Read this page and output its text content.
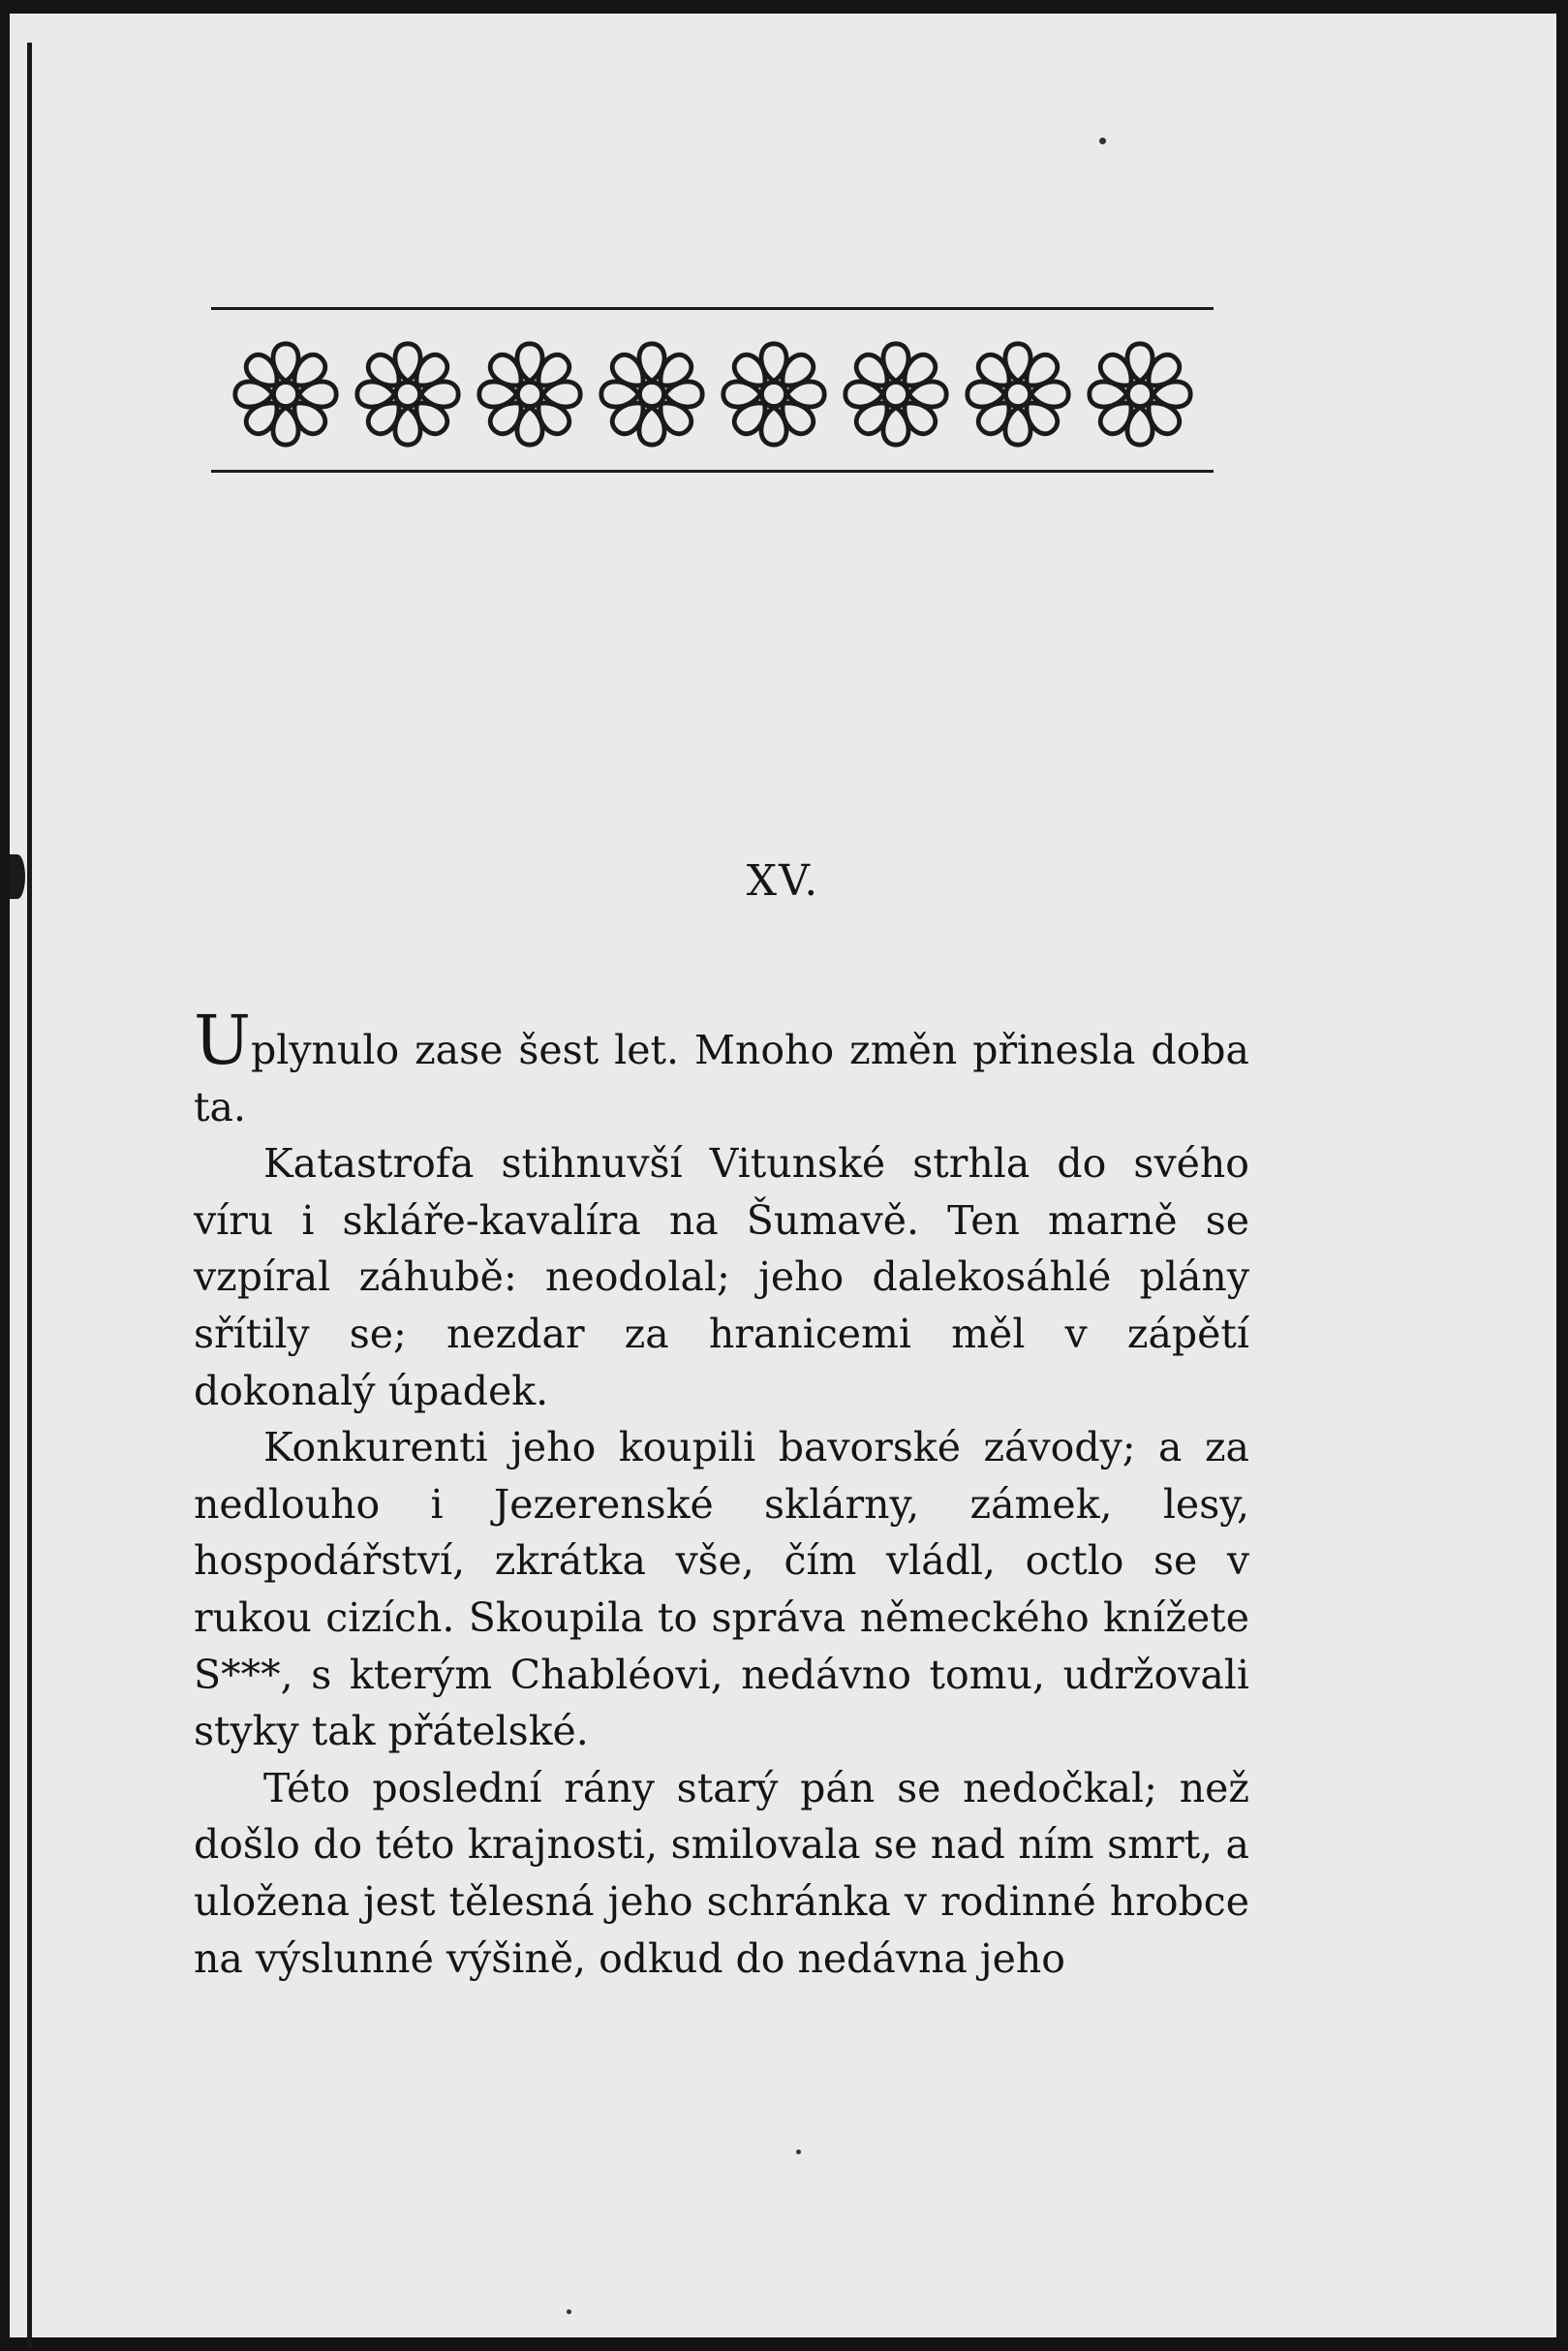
XV.

Uplynulo zase šest let. Mnoho změn přinesla doba ta.

Katastrofa stihnuvší Vitunské strhla do svého víru i skláře-kavalíra na Šumavě. Ten marně se vzpíral záhubě: neodolal; jeho dalekosáhlé plány sřítily se; nezdar za hranicemi měl v zápětí dokonalý úpadek.

Konkurenti jeho koupili bavorské závody; a za nedlouho i Jezerenské sklárny, zámek, lesy, hospodářství, zkrátka vše, čím vládl, octlo se v rukou cizích. Skoupila to správa německého knížete S***, s kterým Chabléovi, nedávno tomu, udržovali styky tak přátelské.

Této poslední rány starý pán se nedočkal; než došlo do této krajnosti, smilovala se nad ním smrt, a uložena jest tělesná jeho schránka v rodinné hrobce na výslunné výšině, odkud do nedávna jeho
